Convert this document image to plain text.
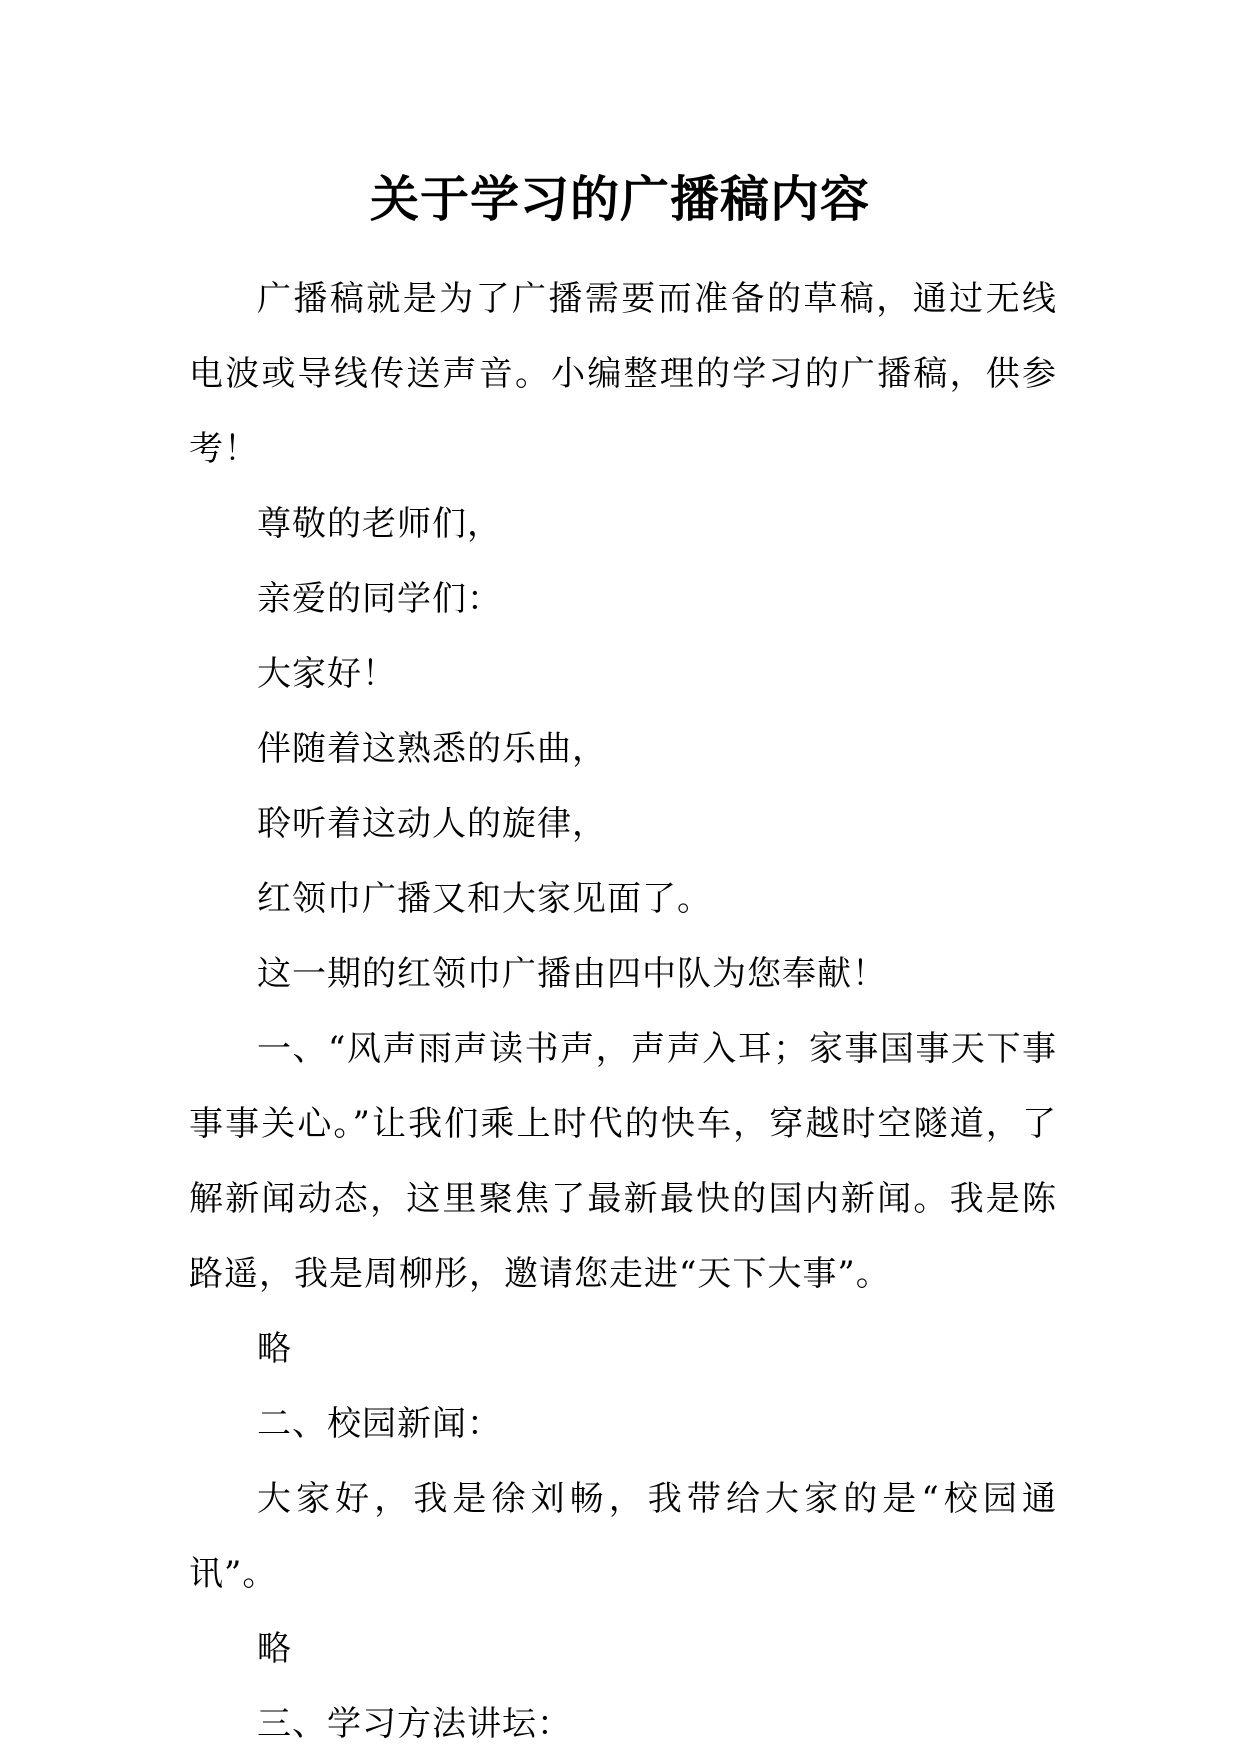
关于学习的广播稿内容

广播稿就是为了广播需要而准备的草稿，通过无线电波或导线传送声音。小编整理的学习的广播稿，供参考！

尊敬的老师们，

亲爱的同学们：

大家好！

伴随着这熟悉的乐曲，

聆听着这动人的旋律，

红领巾广播又和大家见面了。

这一期的红领巾广播由四中队为您奉献！

一、“风声雨声读书声，声声入耳；家事国事天下事事事关心。”让我们乘上时代的快车，穿越时空隧道，了解新闻动态，这里聚焦了最新最快的国内新闻。我是陈路遥，我是周柳彤，邀请您走进“天下大事”。

略

二、校园新闻：

大家好，我是徐刘畅，我带给大家的是“校园通讯”。

略

三、学习方法讲坛：
